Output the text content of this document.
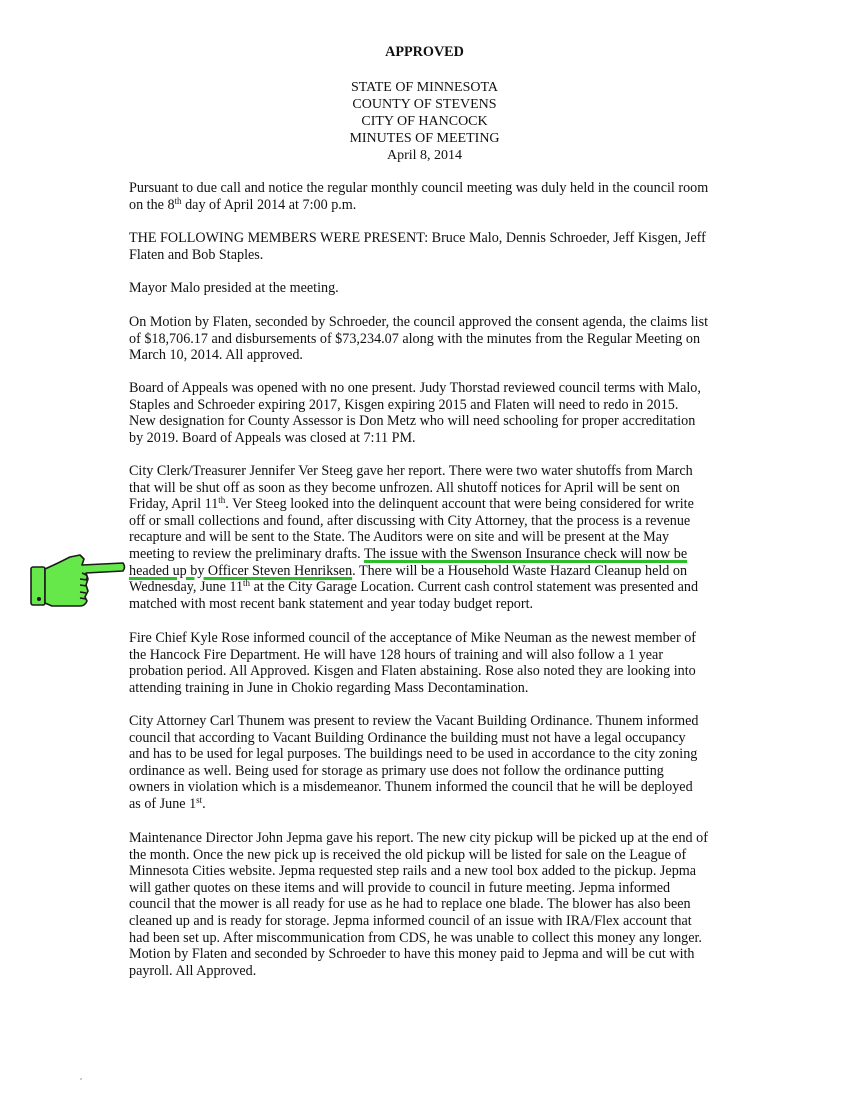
APPROVED
STATE OF MINNESOTA
COUNTY OF STEVENS
CITY OF HANCOCK
MINUTES OF MEETING
April 8, 2014
Pursuant to due call and notice the regular monthly council meeting was duly held in the council room
on the 8th day of April 2014 at 7:00 p.m.
THE FOLLOWING MEMBERS WERE PRESENT: Bruce Malo, Dennis Schroeder, Jeff Kisgen, Jeff
Flaten and Bob Staples.
Mayor Malo presided at the meeting.
On Motion by Flaten, seconded by Schroeder, the council approved the consent agenda, the claims list
of $18,706.17 and disbursements of $73,234.07 along with the minutes from the Regular Meeting on
March 10, 2014. All approved.
Board of Appeals was opened with no one present. Judy Thorstad reviewed council terms with Malo,
Staples and Schroeder expiring 2017, Kisgen expiring 2015 and Flaten will need to redo in 2015.
New designation for County Assessor is Don Metz who will need schooling for proper accreditation
by 2019. Board of Appeals was closed at 7:11 PM.
City Clerk/Treasurer Jennifer Ver Steeg gave her report. There were two water shutoffs from March
that will be shut off as soon as they become unfrozen. All shutoff notices for April will be sent on
Friday, April 11th. Ver Steeg looked into the delinquent account that were being considered for write
off or small collections and found, after discussing with City Attorney, that the process is a revenue
recapture and will be sent to the State. The Auditors were on site and will be present at the May
meeting to review the preliminary drafts. The issue with the Swenson Insurance check will now be
headed up by Officer Steven Henriksen. There will be a Household Waste Hazard Cleanup held on
Wednesday, June 11th at the City Garage Location. Current cash control statement was presented and
matched with most recent bank statement and year today budget report.
Fire Chief Kyle Rose informed council of the acceptance of Mike Neuman as the newest member of
the Hancock Fire Department. He will have 128 hours of training and will also follow a 1 year
probation period. All Approved. Kisgen and Flaten abstaining. Rose also noted they are looking into
attending training in June in Chokio regarding Mass Decontamination.
City Attorney Carl Thunem was present to review the Vacant Building Ordinance. Thunem informed
council that according to Vacant Building Ordinance the building must not have a legal occupancy
and has to be used for legal purposes. The buildings need to be used in accordance to the city zoning
ordinance as well. Being used for storage as primary use does not follow the ordinance putting
owners in violation which is a misdemeanor. Thunem informed the council that he will be deployed
as of June 1st.
Maintenance Director John Jepma gave his report. The new city pickup will be picked up at the end of
the month. Once the new pick up is received the old pickup will be listed for sale on the League of
Minnesota Cities website. Jepma requested step rails and a new tool box added to the pickup. Jepma
will gather quotes on these items and will provide to council in future meeting. Jepma informed
council that the mower is all ready for use as he had to replace one blade. The blower has also been
cleaned up and is ready for storage. Jepma informed council of an issue with IRA/Flex account that
had been set up. After miscommunication from CDS, he was unable to collect this money any longer.
Motion by Flaten and seconded by Schroeder to have this money paid to Jepma and will be cut with
payroll. All Approved.
